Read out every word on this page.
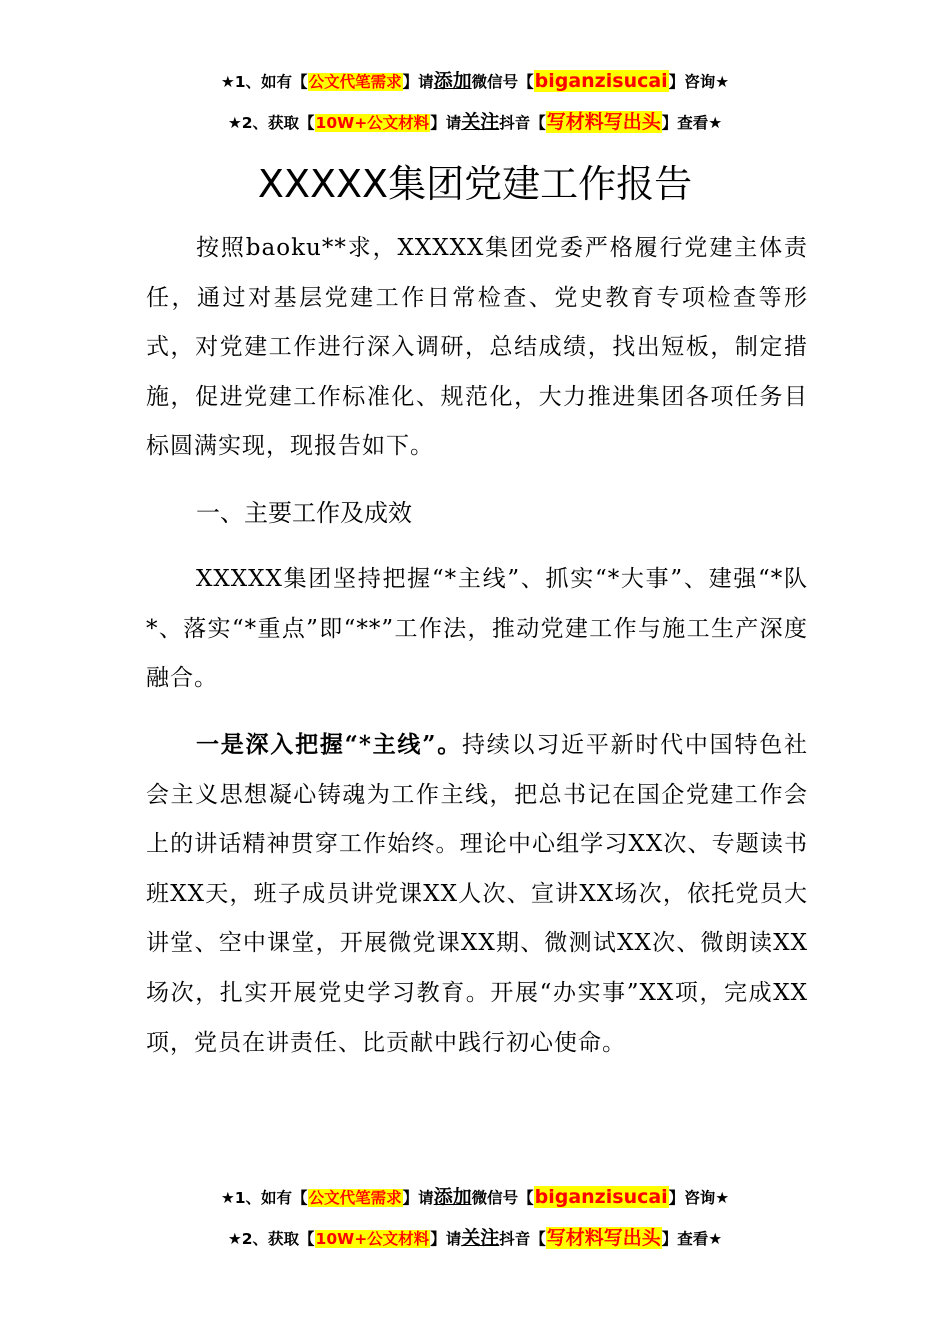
★1、如有【公文代笔需求】请添加微信号【biganzisucai】咨询★
★2、获取【10W+公文材料】请关注抖音【写材料写出头】查看★
XXXXX集团党建工作报告

按照baoku**求，XXXXX集团党委严格履行党建主体责任，通过对基层党建工作日常检查、党史教育专项检查等形式，对党建工作进行深入调研，总结成绩，找出短板，制定措施，促进党建工作标准化、规范化，大力推进集团各项任务目标圆满实现，现报告如下。

一、主要工作及成效

XXXXX集团坚持把握“*主线”、抓实“*大事”、建强“*队*、落实“*重点”即“**”工作法，推动党建工作与施工生产深度融合。

一是深入把握“*主线”。持续以习近平新时代中国特色社会主义思想凝心铸魂为工作主线，把总书记在国企党建工作会上的讲话精神贯穿工作始终。理论中心组学习XX次、专题读书班XX天，班子成员讲党课XX人次、宣讲XX场次，依托党员大讲堂、空中课堂，开展微党课XX期、微测试XX次、微朗读XX场次，扎实开展党史学习教育。开展“办实事”XX项，完成XX项，党员在讲责任、比贡献中践行初心使命。

★1、如有【公文代笔需求】请添加微信号【biganzisucai】咨询★
★2、获取【10W+公文材料】请关注抖音【写材料写出头】查看★
